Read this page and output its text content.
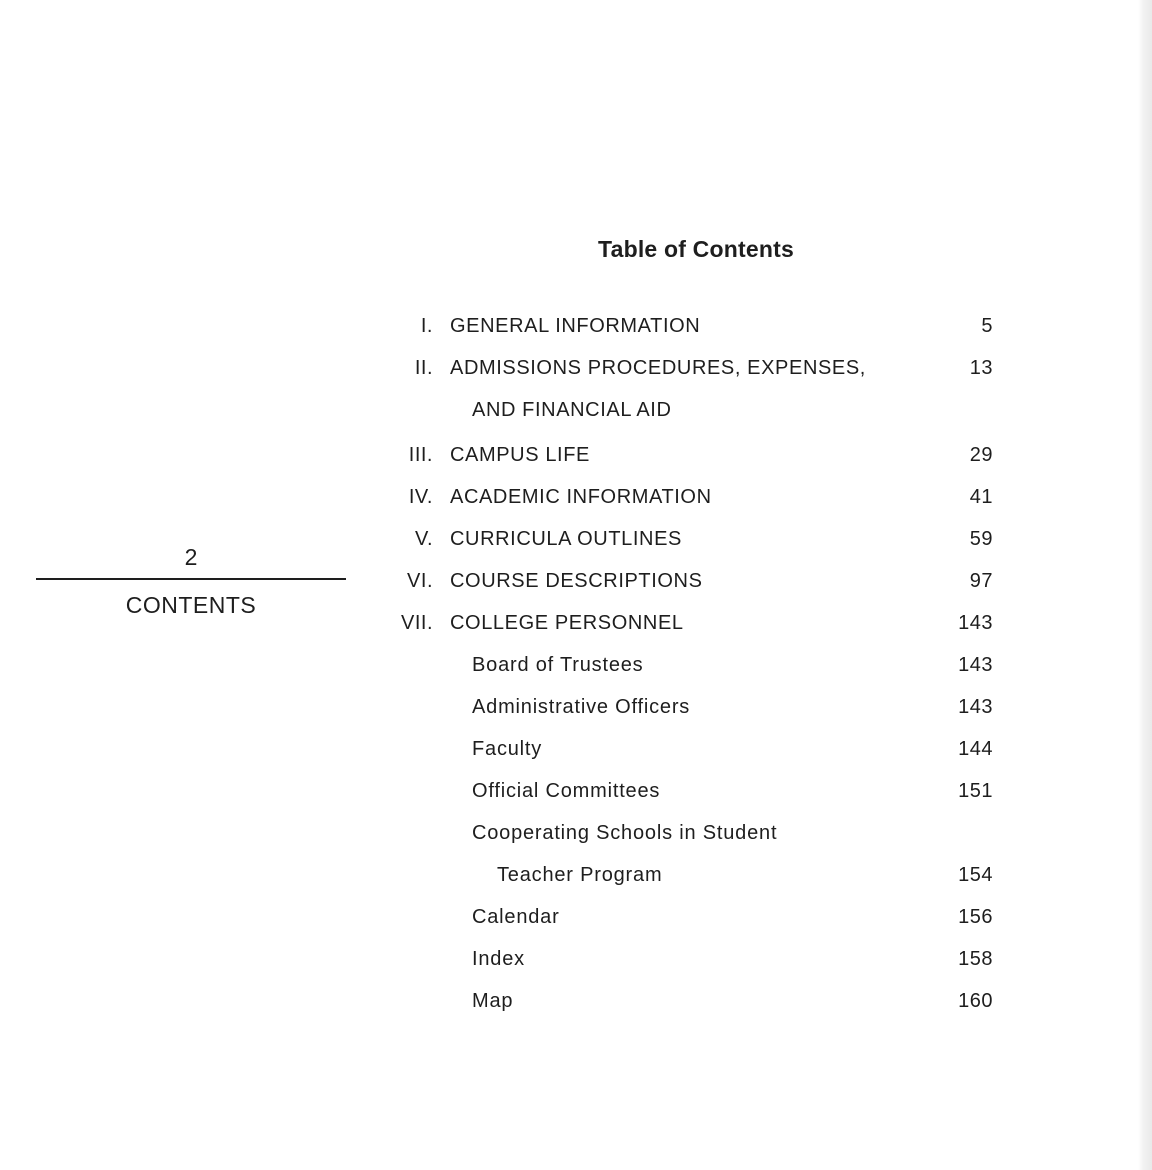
2
CONTENTS
Table of Contents
I. GENERAL INFORMATION	5
II. ADMISSIONS PROCEDURES, EXPENSES,	13
AND FINANCIAL AID
III. CAMPUS LIFE	29
IV. ACADEMIC INFORMATION	41
V. CURRICULA OUTLINES	59
VI. COURSE DESCRIPTIONS	97
VII. COLLEGE PERSONNEL	143
Board of Trustees	143
Administrative Officers	143
Faculty	144
Official Committees	151
Cooperating Schools in Student
Teacher Program	154
Calendar	156
Index	158
Map	160
